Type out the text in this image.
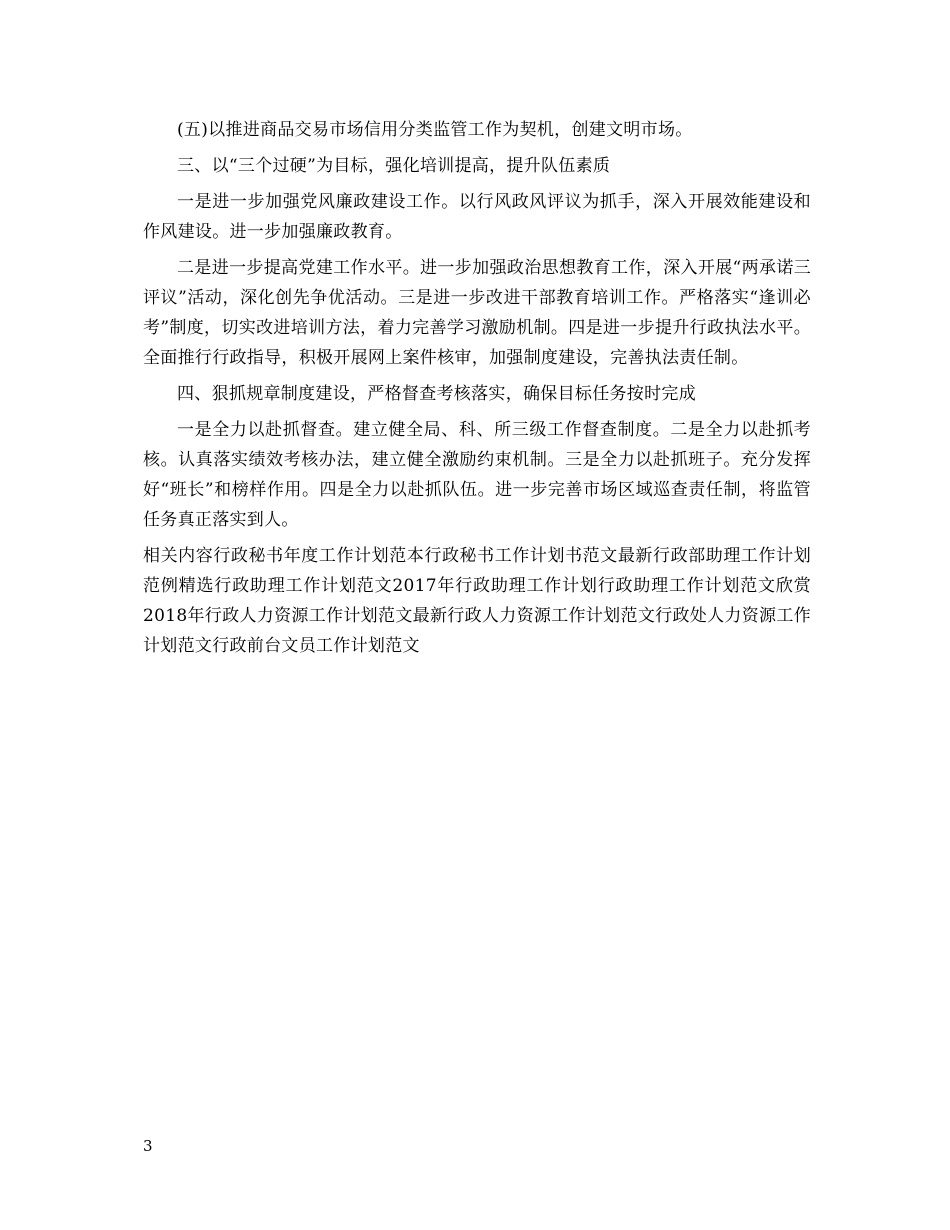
(五)以推进商品交易市场信用分类监管工作为契机，创建文明市场。

三、以“三个过硬”为目标，强化培训提高，提升队伍素质

一是进一步加强党风廉政建设工作。以行风政风评议为抓手，深入开展效能建设和作风建设。进一步加强廉政教育。

二是进一步提高党建工作水平。进一步加强政治思想教育工作，深入开展“两承诺三评议”活动，深化创先争优活动。三是进一步改进干部教育培训工作。严格落实“逢训必考”制度，切实改进培训方法，着力完善学习激励机制。四是进一步提升行政执法水平。全面推行行政指导，积极开展网上案件核审，加强制度建设，完善执法责任制。

四、狠抓规章制度建设，严格督查考核落实，确保目标任务按时完成

一是全力以赴抓督查。建立健全局、科、所三级工作督查制度。二是全力以赴抓考核。认真落实绩效考核办法，建立健全激励约束机制。三是全力以赴抓班子。充分发挥好“班长”和榜样作用。四是全力以赴抓队伍。进一步完善市场区域巡查责任制，将监管任务真正落实到人。

相关内容行政秘书年度工作计划范本行政秘书工作计划书范文最新行政部助理工作计划范例精选行政助理工作计划范文2017年行政助理工作计划行政助理工作计划范文欣赏2018年行政人力资源工作计划范文最新行政人力资源工作计划范文行政处人力资源工作计划范文行政前台文员工作计划范文

3
